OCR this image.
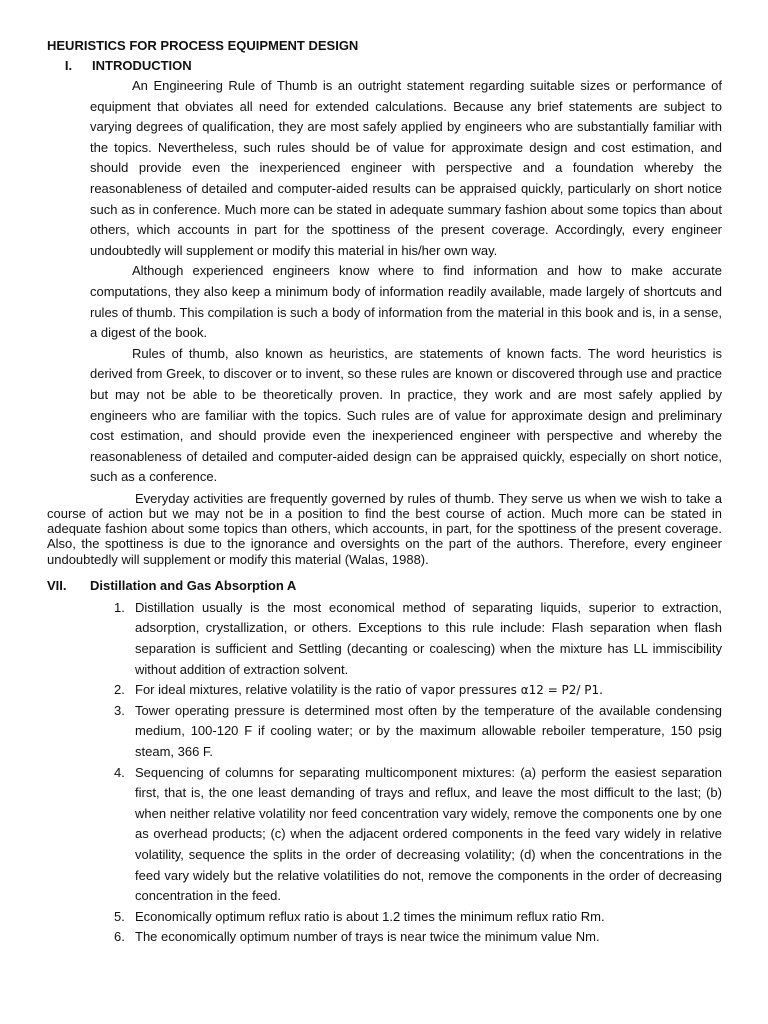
HEURISTICS FOR PROCESS EQUIPMENT DESIGN
I.	INTRODUCTION

An Engineering Rule of Thumb is an outright statement regarding suitable sizes or performance of equipment that obviates all need for extended calculations. Because any brief statements are subject to varying degrees of qualification, they are most safely applied by engineers who are substantially familiar with the topics. Nevertheless, such rules should be of value for approximate design and cost estimation, and should provide even the inexperienced engineer with perspective and a foundation whereby the reasonableness of detailed and computer-aided results can be appraised quickly, particularly on short notice such as in conference. Much more can be stated in adequate summary fashion about some topics than about others, which accounts in part for the spottiness of the present coverage. Accordingly, every engineer undoubtedly will supplement or modify this material in his/her own way.

Although experienced engineers know where to find information and how to make accurate computations, they also keep a minimum body of information readily available, made largely of shortcuts and rules of thumb. This compilation is such a body of information from the material in this book and is, in a sense, a digest of the book.

Rules of thumb, also known as heuristics, are statements of known facts. The word heuristics is derived from Greek, to discover or to invent, so these rules are known or discovered through use and practice but may not be able to be theoretically proven. In practice, they work and are most safely applied by engineers who are familiar with the topics. Such rules are of value for approximate design and preliminary cost estimation, and should provide even the inexperienced engineer with perspective and whereby the reasonableness of detailed and computer-aided design can be appraised quickly, especially on short notice, such as a conference.

Everyday activities are frequently governed by rules of thumb. They serve us when we wish to take a course of action but we may not be in a position to find the best course of action. Much more can be stated in adequate fashion about some topics than others, which accounts, in part, for the spottiness of the present coverage. Also, the spottiness is due to the ignorance and oversights on the part of the authors. Therefore, every engineer undoubtedly will supplement or modify this material (Walas, 1988).

VII.	Distillation and Gas Absorption A
1. Distillation usually is the most economical method of separating liquids, superior to extraction, adsorption, crystallization, or others. Exceptions to this rule include: Flash separation when flash separation is sufficient and Settling (decanting or coalescing) when the mixture has LL immiscibility without addition of extraction solvent.
2. For ideal mixtures, relative volatility is the ratio of vapor pressures α12 = P2/ P1.
3. Tower operating pressure is determined most often by the temperature of the available condensing medium, 100-120 F if cooling water; or by the maximum allowable reboiler temperature, 150 psig steam, 366 F.
4. Sequencing of columns for separating multicomponent mixtures: (a) perform the easiest separation first, that is, the one least demanding of trays and reflux, and leave the most difficult to the last; (b) when neither relative volatility nor feed concentration vary widely, remove the components one by one as overhead products; (c) when the adjacent ordered components in the feed vary widely in relative volatility, sequence the splits in the order of decreasing volatility; (d) when the concentrations in the feed vary widely but the relative volatilities do not, remove the components in the order of decreasing concentration in the feed.
5. Economically optimum reflux ratio is about 1.2 times the minimum reflux ratio Rm.
6. The economically optimum number of trays is near twice the minimum value Nm.
